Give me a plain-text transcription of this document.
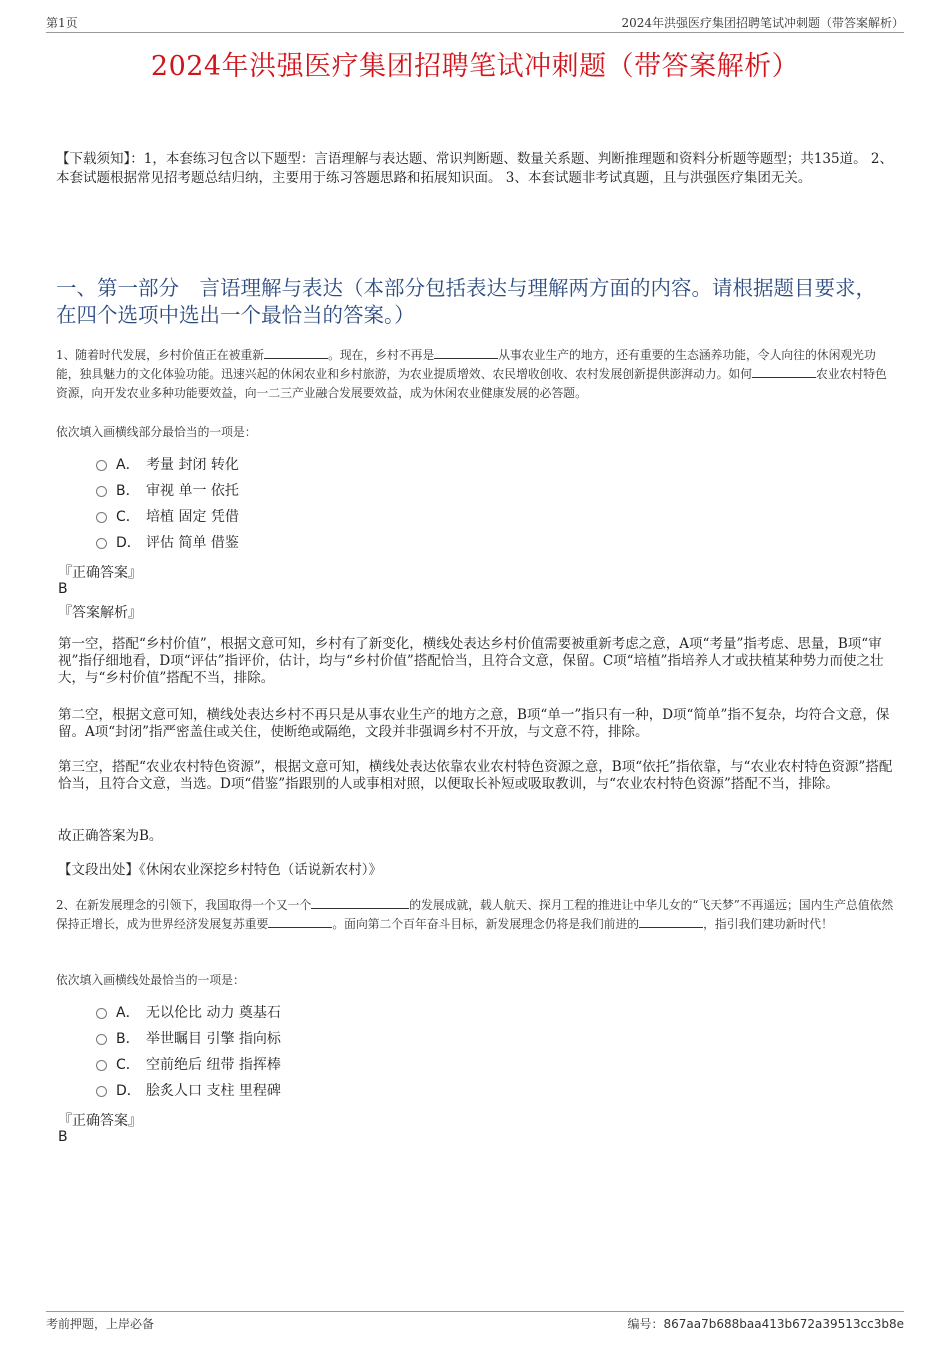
第1页	2024年洪强医疗集团招聘笔试冲刺题（带答案解析）
2024年洪强医疗集团招聘笔试冲刺题（带答案解析）
【下载须知】：1，本套练习包含以下题型：言语理解与表达题、常识判断题、数量关系题、判断推理题和资料分析题等题型；共135道。 2、本套试题根据常见招考题总结归纳，主要用于练习答题思路和拓展知识面。 3、本套试题非考试真题，且与洪强医疗集团无关。
一、第一部分　言语理解与表达（本部分包括表达与理解两方面的内容。请根据题目要求，在四个选项中选出一个最恰当的答案。）
1、随着时代发展，乡村价值正在被重新	。现在，乡村不再是	从事农业生产的地方，还有重要的生态涵养功能，令人向往的休闲观光功能，独具魅力的文化体验功能。迅速兴起的休闲农业和乡村旅游，为农业提质增效、农民增收创收、农村发展创新提供澎湃动力。如何	农业农村特色资源，向开发农业多种功能要效益，向一二三产业融合发展要效益，成为休闲农业健康发展的必答题。
依次填入画横线部分最恰当的一项是：
A． 考量 封闭 转化
B． 审视 单一 依托
C． 培植 固定 凭借
D． 评估 简单 借鉴
『正确答案』
B
『答案解析』
第一空，搭配“乡村价值”，根据文意可知，乡村有了新变化，横线处表达乡村价值需要被重新考虑之意，A项“考量”指考虑、思量，B项“审视”指仔细地看，D项“评估”指评价，估计，均与“乡村价值”搭配恰当，且符合文意，保留。C项“培植”指培养人才或扶植某种势力而使之壮大，与“乡村价值”搭配不当，排除。
第二空，根据文意可知，横线处表达乡村不再只是从事农业生产的地方之意，B项“单一”指只有一种，D项“简单”指不复杂，均符合文意，保留。A项“封闭”指严密盖住或关住，使断绝或隔绝，文段并非强调乡村不开放，与文意不符，排除。
第三空，搭配“农业农村特色资源”，根据文意可知，横线处表达依靠农业农村特色资源之意，B项“依托”指依靠，与“农业农村特色资源”搭配恰当，且符合文意，当选。D项“借鉴”指跟别的人或事相对照，以便取长补短或吸取教训，与“农业农村特色资源”搭配不当，排除。
故正确答案为B。
【文段出处】《休闲农业深挖乡村特色（话说新农村）》
2、在新发展理念的引领下，我国取得一个又一个	的发展成就，载人航天、探月工程的推进让中华儿女的“飞天梦”不再遥远；国内生产总值依然保持正增长，成为世界经济发展复苏重要	。面向第二个百年奋斗目标，新发展理念仍将是我们前进的	，指引我们建功新时代！
依次填入画横线处最恰当的一项是：
A． 无以伦比 动力 奠基石
B． 举世瞩目 引擎 指向标
C． 空前绝后 纽带 指挥棒
D． 脍炙人口 支柱 里程碑
『正确答案』
B
考前押题，上岸必备	编号：867aa7b688baa413b672a39513cc3b8e
